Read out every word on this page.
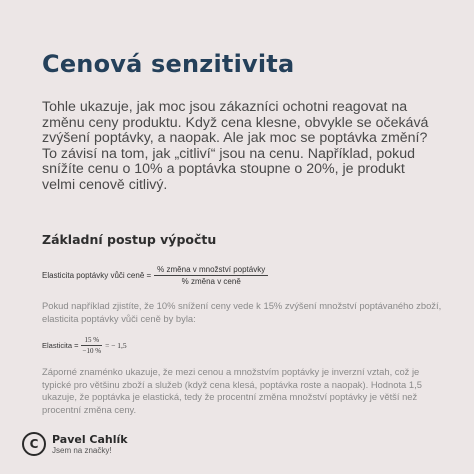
Cenová senzitivita

Tohle ukazuje, jak moc jsou zákazníci ochotni reagovat na změnu ceny produktu. Když cena klesne, obvykle se očekává zvýšení poptávky, a naopak. Ale jak moc se poptávka změní? To závisí na tom, jak „citliví“ jsou na cenu. Například, pokud snížíte cenu o 10% a poptávka stoupne o 20%, je produkt velmi cenově citlivý.

Základní postup výpočtu
Elasticita poptávky vůči ceně = $\frac{\text{\% změna v množství poptávky}}{\text{\% změna v ceně}}$

Pokud například zjistíte, že 10% snížení ceny vede k 15% zvýšení množství poptávaného zboží, elasticita poptávky vůči ceně by byla:

Elasticita = $\frac{15 \%}{-10 \%}$ = − 1,5

Záporné znaménko ukazuje, že mezi cenou a množstvím poptávky je inverzní vztah, což je typické pro většinu zboží a služeb (když cena klesá, poptávka roste a naopak). Hodnota 1,5 ukazuje, že poptávka je elastická, tedy že procentní změna množství poptávky je větší než procentní změna ceny.

C	Pavel Cahlík
Jsem na značky!
